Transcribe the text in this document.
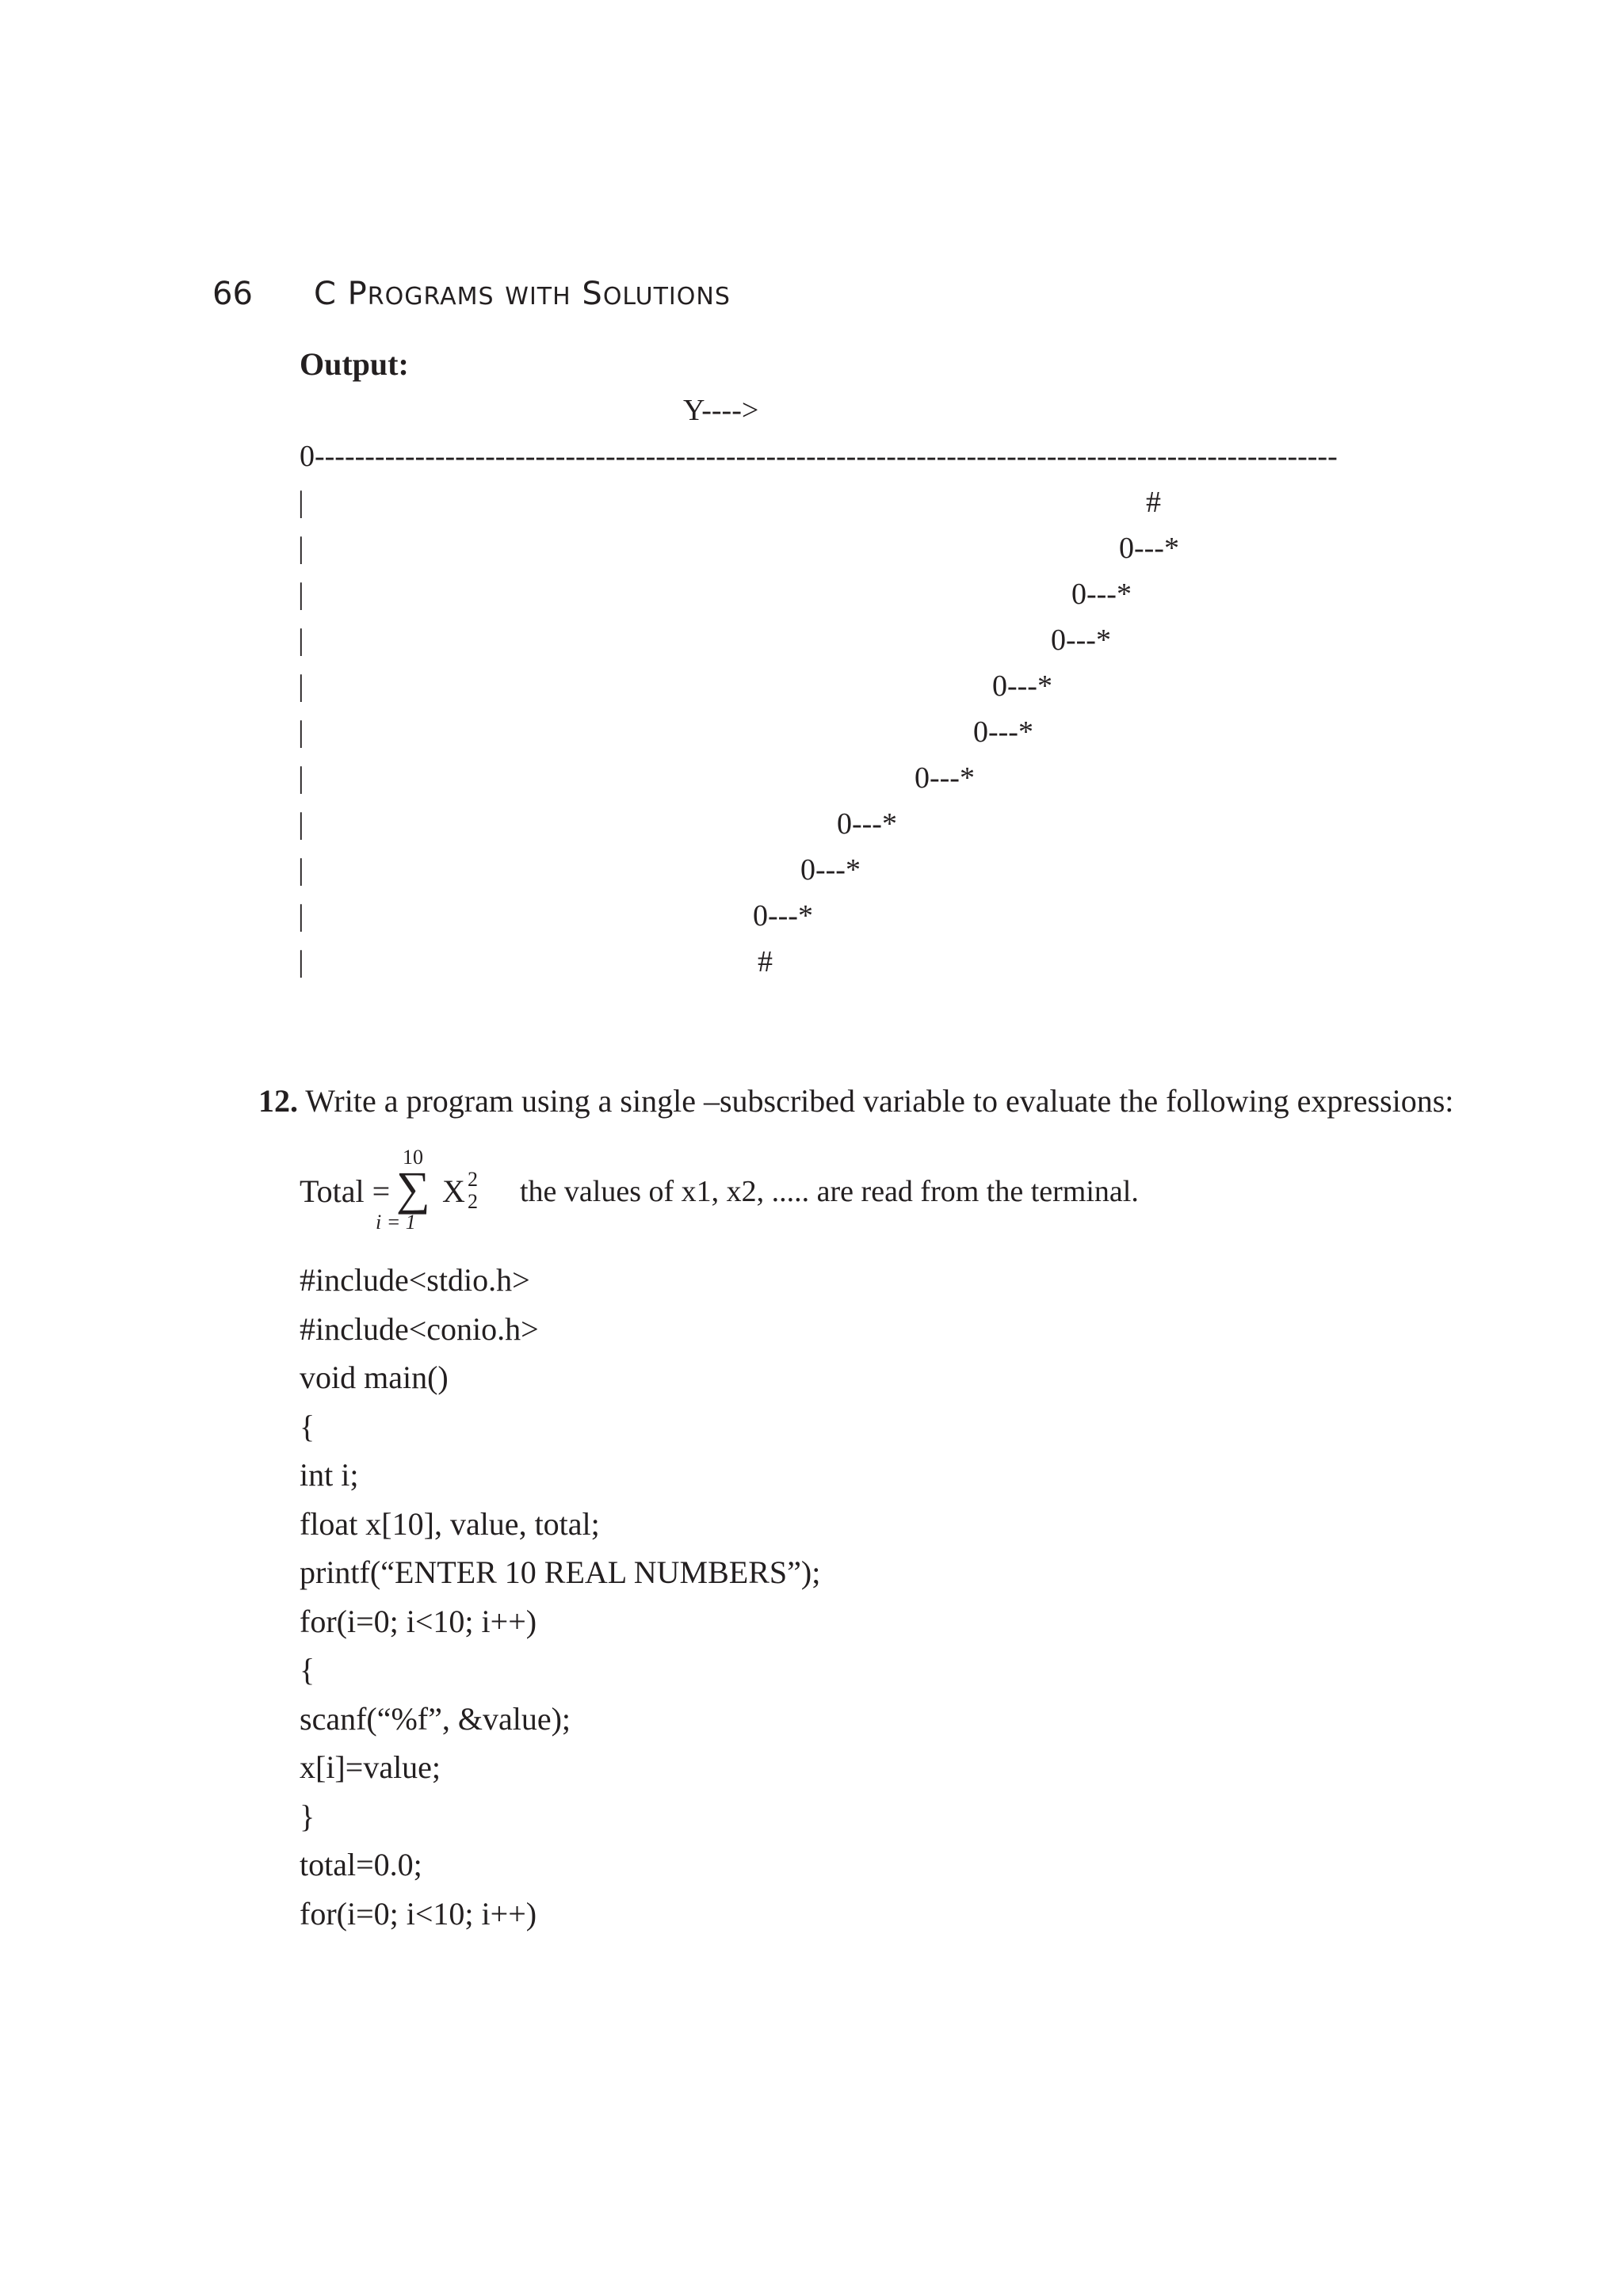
66 C PROGRAMS WITH SOLUTIONS
Output:
Y---->
0------------------------------------------------------------------------------------------------------
|
|
|
|
|
|
|
|
|
|
|
#
0---*
0---*
0---*
0---*
0---*
0---*
0---*
0---*
0---*
#
12. Write a program using a single –subscribed variable to evaluate the following expressions:
Total =
10
∑
i = 1
X 2
2 the values of x1, x2, ..... are read from the terminal.
#include<stdio.h>
#include<conio.h>
void main()
{
int i;
float x[10], value, total;
printf(“ENTER 10 REAL NUMBERS”);
for(i=0; i<10; i++)
{
scanf(“%f”, &value);
x[i]=value;
}
total=0.0;
for(i=0; i<10; i++)
